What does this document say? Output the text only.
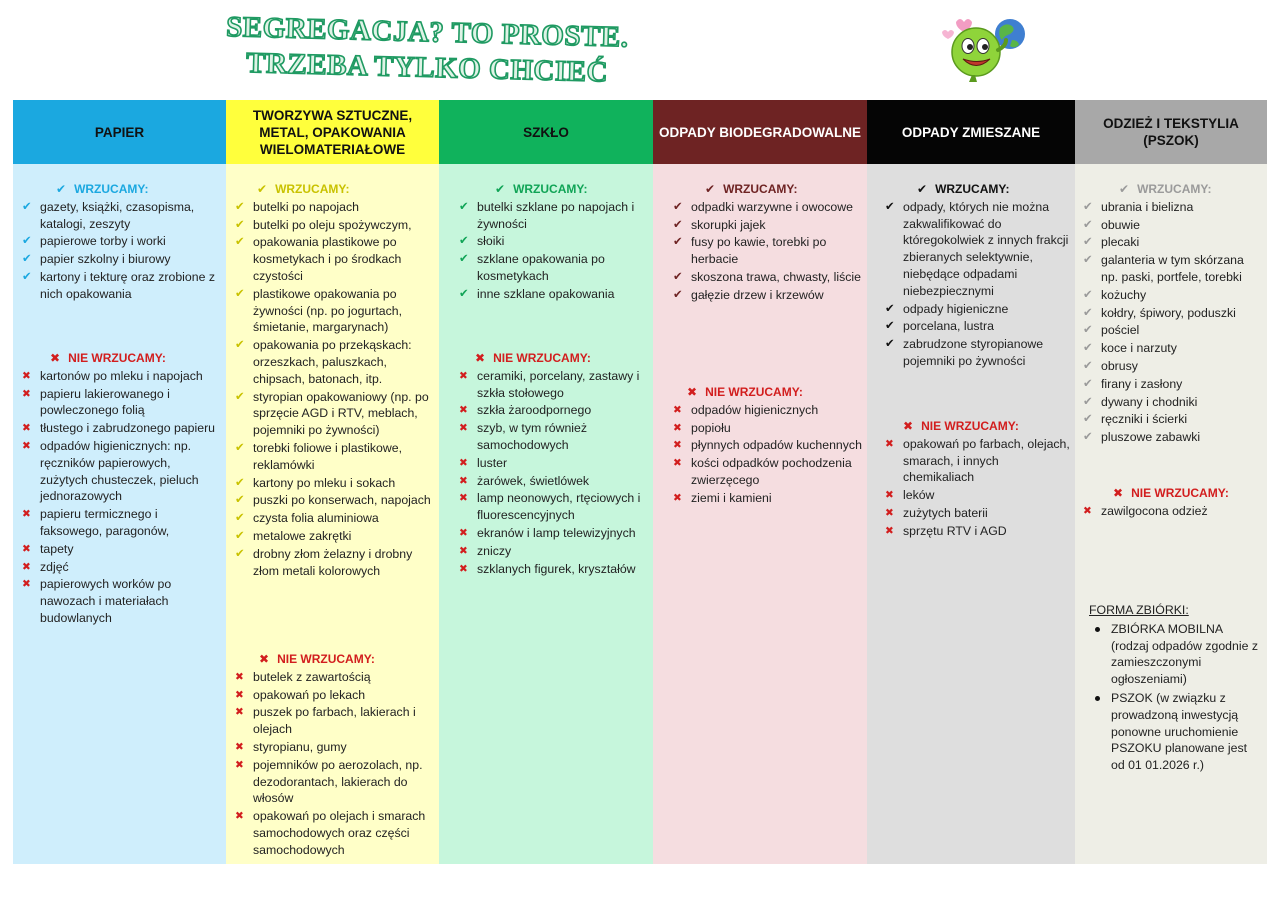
SEGREGACJA? TO PROSTE.
TRZEBA TYLKO CHCIEĆ
PAPIER
✔ WRZUCAMY:
✔ gazety, książki, czasopisma, katalogi, zeszyty
✔ papierowe torby i worki
✔ papier szkolny i biurowy
✔ kartony i tekturę oraz zrobione z nich opakowania
✖ NIE WRZUCAMY:
✖ kartonów po mleku i napojach
✖ papieru lakierowanego i powleczonego folią
✖ tłustego i zabrudzonego papieru
✖ odpadów higienicznych: np. ręczników papierowych, zużytych chusteczek, pieluch jednorazowych
✖ papieru termicznego i faksowego, paragonów,
✖ tapety
✖ zdjęć
✖ papierowych worków po nawozach i materiałach budowlanych
TWORZYWA SZTUCZNE, METAL, OPAKOWANIA WIELOMATERIAŁOWE
✔ WRZUCAMY:
✔ butelki po napojach
✔ butelki po oleju spożywczym,
✔ opakowania plastikowe po kosmetykach i po środkach czystości
✔ plastikowe opakowania po żywności (np. po jogurtach, śmietanie, margarynach)
✔ opakowania po przekąskach: orzeszkach, paluszkach, chipsach, batonach, itp.
✔ styropian opakowaniowy (np. po sprzęcie AGD i RTV, meblach, pojemniki po żywności)
✔ torebki foliowe i plastikowe, reklamówki
✔ kartony po mleku i sokach
✔ puszki po konserwach, napojach
✔ czysta folia aluminiowa
✔ metalowe zakrętki
✔ drobny złom żelazny i drobny złom metali kolorowych
✖ NIE WRZUCAMY:
✖ butelek z zawartością
✖ opakowań po lekach
✖ puszek po farbach, lakierach i olejach
✖ styropianu, gumy
✖ pojemników po aerozolach, np. dezodorantach, lakierach do włosów
✖ opakowań po olejach i smarach samochodowych oraz części samochodowych
SZKŁO
✔ WRZUCAMY:
✔ butelki szklane po napojach i żywności
✔ słoiki
✔ szklane opakowania po kosmetykach
✔ inne szklane opakowania
✖ NIE WRZUCAMY:
✖ ceramiki, porcelany, zastawy i szkła stołowego
✖ szkła żaroodpornego
✖ szyb, w tym również samochodowych
✖ luster
✖ żarówek, świetlówek
✖ lamp neonowych, rtęciowych i fluorescencyjnych
✖ ekranów i lamp telewizyjnych
✖ zniczy
✖ szklanych figurek, kryształów
ODPADY BIODEGRADOWALNE
✔ WRZUCAMY:
✔ odpadki warzywne i owocowe
✔ skorupki jajek
✔ fusy po kawie, torebki po herbacie
✔ skoszona trawa, chwasty, liście
✔ gałęzie drzew i krzewów
✖ NIE WRZUCAMY:
✖ odpadów higienicznych
✖ popiołu
✖ płynnych odpadów kuchennych
✖ kości odpadków pochodzenia zwierzęcego
✖ ziemi i kamieni
ODPADY ZMIESZANE
✔ WRZUCAMY:
✔ odpady, których nie można zakwalifikować do któregokolwiek z innych frakcji zbieranych selektywnie, niebędące odpadami niebezpiecznymi
✔ odpady higieniczne
✔ porcelana, lustra
✔ zabrudzone styropianowe pojemniki po żywności
✖ NIE WRZUCAMY:
✖ opakowań po farbach, olejach, smarach, i innych chemikaliach
✖ leków
✖ zużytych baterii
✖ sprzętu RTV i AGD
ODZIEŻ I TEKSTYLIA (PSZOK)
✔ WRZUCAMY:
✔ ubrania i bielizna
✔ obuwie
✔ plecaki
✔ galanteria w tym skórzana np. paski, portfele, torebki
✔ kożuchy
✔ kołdry, śpiwory, poduszki
✔ pościel
✔ koce i narzuty
✔ obrusy
✔ firany i zasłony
✔ dywany i chodniki
✔ ręczniki i ścierki
✔ pluszowe zabawki
✖ NIE WRZUCAMY:
✖ zawilgocona odzież
FORMA ZBIÓRKI:
ZBIÓRKA MOBILNA (rodzaj odpadów zgodnie z zamieszczonymi ogłoszeniami)
PSZOK (w związku z prowadzoną inwestycją ponowne uruchomienie PSZOKU planowane jest od 01 01.2026 r.)
